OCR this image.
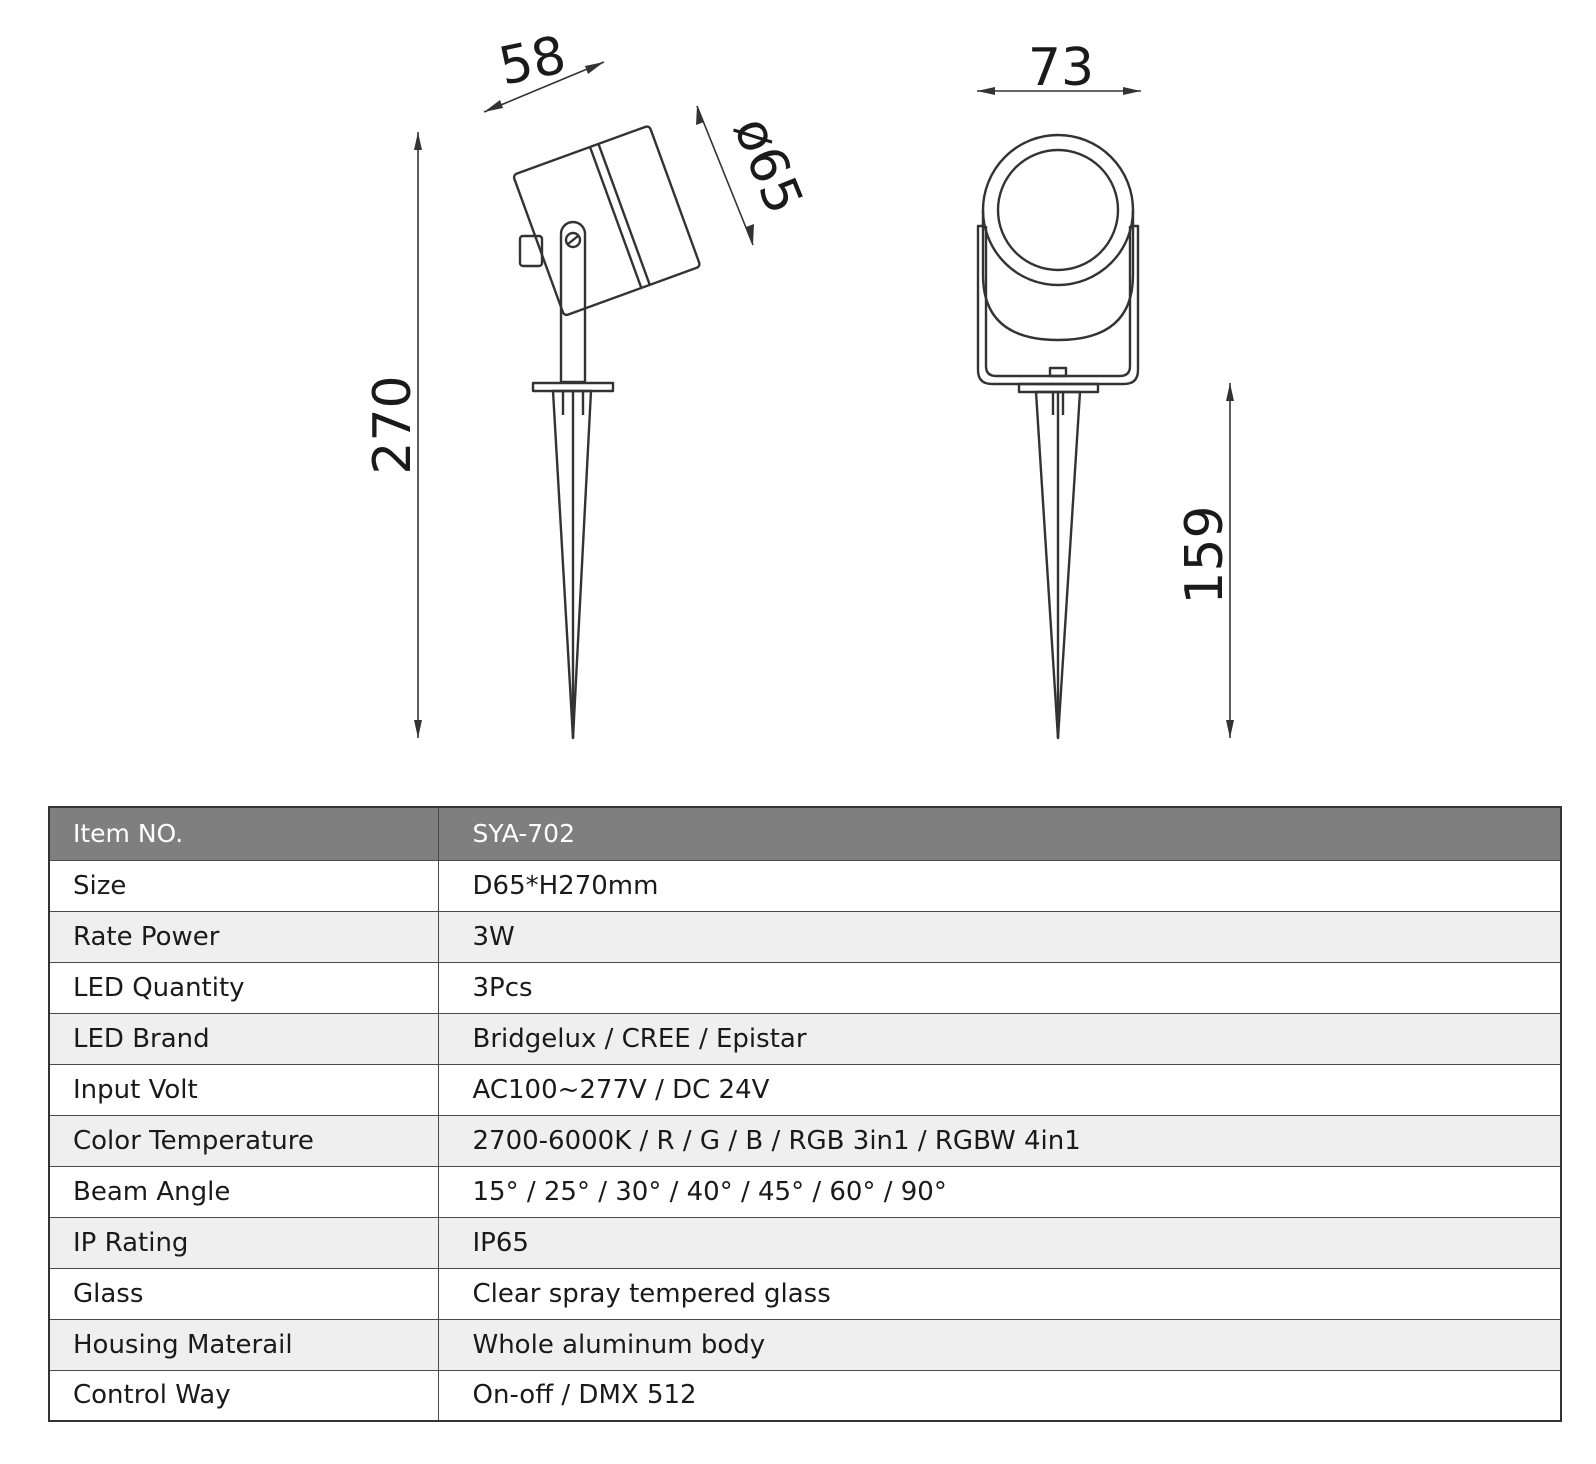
270
58
ø65
73
159
Item NO.	SYA-702
Size	D65*H270mm
Rate Power	3W
LED Quantity	3Pcs
LED Brand	Bridgelux / CREE / Epistar
Input Volt	AC100~277V / DC 24V
Color Temperature	2700-6000K / R / G / B / RGB 3in1 / RGBW 4in1
Beam Angle	15° / 25° / 30° / 40° / 45° / 60° / 90°
IP Rating	IP65
Glass	Clear spray tempered glass
Housing Materail	Whole aluminum body
Control Way	On-off / DMX 512
